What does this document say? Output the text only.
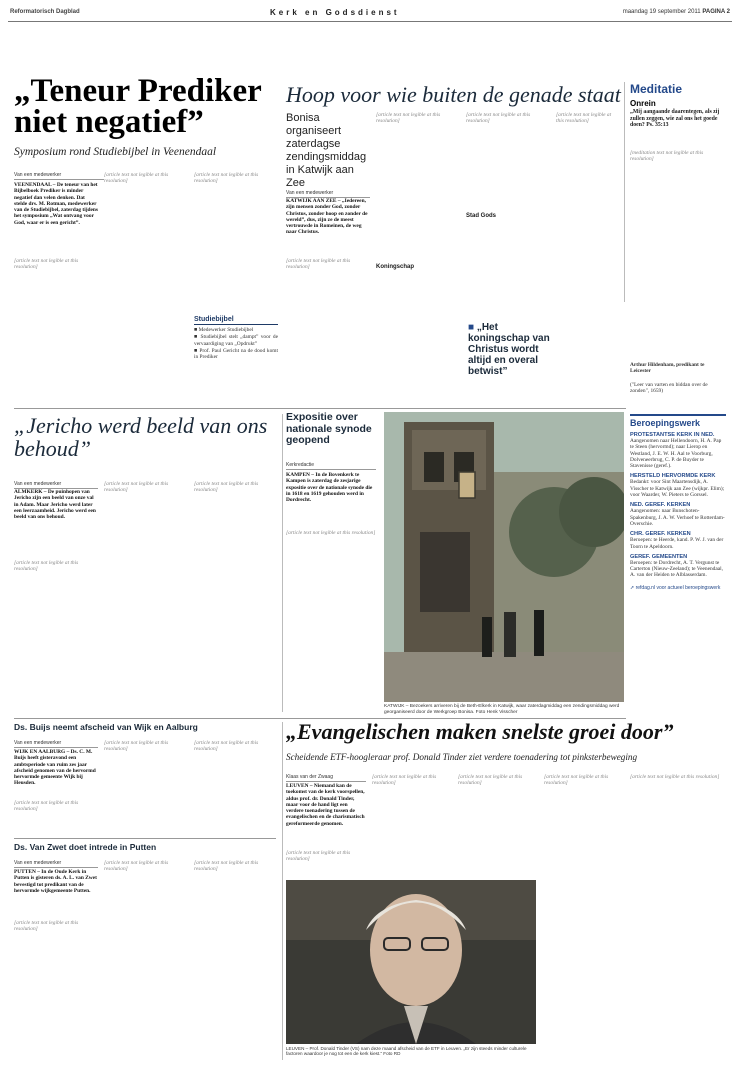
Reformatorisch Dagblad	Kerk en Godsdienst	maandag 19 september 2011 PAGINA 2
„Teneur Prediker niet negatief”
Symposium rond Studiebijbel in Veenendaal
Van een medewerker
VEENENDAAL – De teneur van het Bijbelboek Prediker is minder negatief dan velen denken. Dat stelde drs. M. Rotman, medewerker van de Studiebijbel, zaterdag tijdens het symposium „Wat ontvang voor God, waar er is een gericht”.
[article text not legible at this resolution]
[article text not legible at this resolution]
[article text not legible at this resolution]
Studiebijbel
■ Medewerker Studiebijbel
■ Studiebijbel stelt „dampt” voor de vervaardiging van „Opdrukt”
■ Prof. Paul Gericht na de dood komt in Prediker
Hoop voor wie buiten de genade staat
Bonisa organiseert zaterdagse zendingsmiddag in Katwijk aan Zee
Van een medewerker
KATWIJK AAN ZEE – „Iedereen, zijn mensen zonder God, zonder Christus, zonder hoop en zonder de wereld”, dus, zijn ze de meest vertrouwde in Romeinen, de weg naar Christus.
[article text not legible at this resolution]
[article text not legible at this resolution]
Koningschap
[article text not legible at this resolution]
Stad Gods
[article text not legible at this resolution]
■ „Het koningschap van Christus wordt altijd en overal betwist”
Meditatie
Onrein
„Mij aangaande daarentegen, als zij zullen zeggen, wie zal ons het goede doen? Ps. 35:13
[meditation text not legible at this resolution]
Arthur Hildenham, predikant te Leicester
("Leer van varten en biddan over de zonden", 1659)
Beroepingswerk
PROTESTANTSE KERK IN NED.
Aangenomen naar Hellendoorn, H. A. Pap te Steen (hervormd); naar Lierop en Westland, J. E. W. H. Aal te Voorburg, Dolveneerbrug, C. P. de Buyder te Stavenisse (geref.).
HERSTELD HERVORMDE KERK
Bedankt: voor Sint Maartensdijk, A. Visscher te Katwijk aan Zee (wijkpr. Elim); voor Waarder, W. Pieters te Gorssel.
NED. GEREF. KERKEN
Aangenomen: naar Bunschoten-Spakenburg, J. A. W. Verhoef te Rotterdam-Overschie.
CHR. GEREF. KERKEN
Beroepen: te Heerde, kand. P. W. J. van der Toorn te Apeldoorn.
GEREF. GEMEENTEN
Beroepen: te Dordrecht, A. T. Vergunst te Carterton (Nieuw-Zeeland); te Veenendaal, A. van der Heiden te Alblasserdam.
➚ refdag.nl voor actueel beroepingswerk
„Jericho werd beeld van ons behoud”
Van een medewerker
ALMKERK – De puinhopen van Jericho zijn een beeld van onze val in Adam. Maar Jericho werd later een leerzaamheid. Jericho werd een beeld van ons behoud.
[article text not legible at this resolution]
[article text not legible at this resolution]
[article text not legible at this resolution]
Expositie over nationale synode geopend
Kerkredactie
KAMPEN – In de Bovenkerk te Kampen is zaterdag de zesjarige expositie over de nationale synode die in 1618 en 1619 gehouden werd in Dordrecht.
[article text not legible at this resolution]
KATWIJK – Bezoekers arriveren bij de Beth-Elkerk in Katwijk, waar zaterdagmiddag een zendingsmiddag werd georganiseerd door de Werkgroep Bonisa. Foto Henk Visscher
Ds. Buijs neemt afscheid van Wijk en Aalburg
Van een medewerker
WIJK EN AALBURG – Ds. C. M. Buijs heeft gisteravond een ambtsperiode van ruim zes jaar afscheid genomen van de hervormd hervormde gemeente Wijk bij Heusden.
[article text not legible at this resolution]
[article text not legible at this resolution]
[article text not legible at this resolution]
Ds. Van Zwet doet intrede in Putten
Van een medewerker
PUTTEN – In de Oude Kerk in Putten is gisteren ds. A. L. van Zwet bevestigd tot predikant van de hervormde wijkgemeente Putten.
[article text not legible at this resolution]
[article text not legible at this resolution]
[article text not legible at this resolution]
„Evangelischen maken snelste groei door”
Scheidende ETF-hoogleraar prof. Donald Tinder ziet verdere toenadering tot pinksterbeweging
Klaas van der Zwaag
LEUVEN – Niemand kan de toekomst van de kerk voorspellen, aldus prof. dr. Donald Tinder, maar voor de hand ligt een verdere toenadering tussen de evangelischen en de charismatisch gereformeerde genomen.
[article text not legible at this resolution]
[article text not legible at this resolution]
[article text not legible at this resolution]
[article text not legible at this resolution]
[article text not legible at this resolution]
LEUVEN – Prof. Donald Tinder (VS) nam deze maand afscheid van de ETF in Leuven. „Er zijn steeds minder culturele factoren waardoor je nog tot een de kerk kiest.” Foto RD
